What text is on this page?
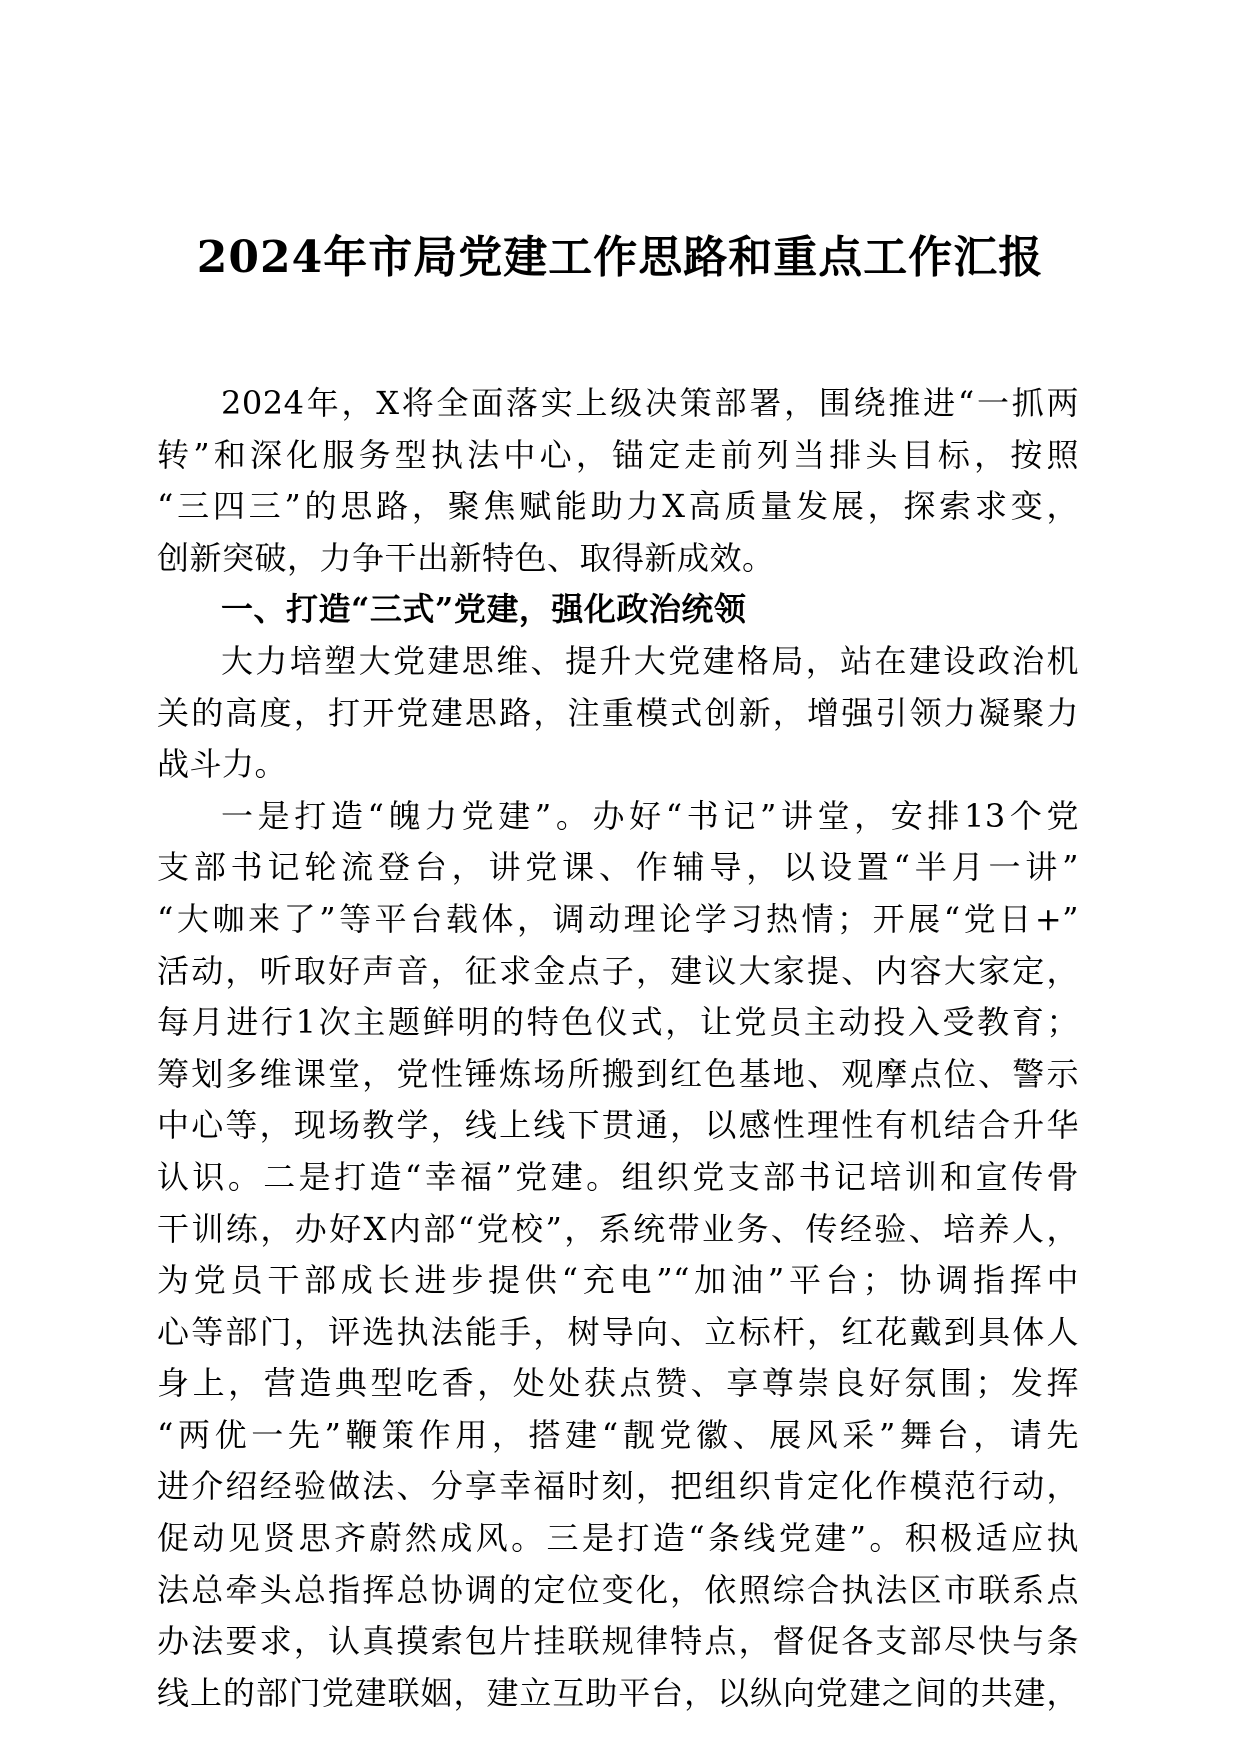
2024年市局党建工作思路和重点工作汇报
2024年，X将全面落实上级决策部署，围绕推进“一抓两
转”和深化服务型执法中心，锚定走前列当排头目标，按照
“三四三”的思路，聚焦赋能助力X高质量发展，探索求变，
创新突破，力争干出新特色、取得新成效。
一、打造“三式”党建，强化政治统领
大力培塑大党建思维、提升大党建格局，站在建设政治机
关的高度，打开党建思路，注重模式创新，增强引领力凝聚力
战斗力。
一是打造“魄力党建”。办好“书记”讲堂，安排13个党
支部书记轮流登台，讲党课、作辅导，以设置“半月一讲”
“大咖来了”等平台载体，调动理论学习热情；开展“党日+”
活动，听取好声音，征求金点子，建议大家提、内容大家定，
每月进行1次主题鲜明的特色仪式，让党员主动投入受教育；
筹划多维课堂，党性锤炼场所搬到红色基地、观摩点位、警示
中心等，现场教学，线上线下贯通，以感性理性有机结合升华
认识。二是打造“幸福”党建。组织党支部书记培训和宣传骨
干训练，办好X内部“党校”，系统带业务、传经验、培养人，
为党员干部成长进步提供“充电”“加油”平台；协调指挥中
心等部门，评选执法能手，树导向、立标杆，红花戴到具体人
身上，营造典型吃香，处处获点赞、享尊崇良好氛围；发挥
“两优一先”鞭策作用，搭建“靓党徽、展风采”舞台，请先
进介绍经验做法、分享幸福时刻，把组织肯定化作模范行动，
促动见贤思齐蔚然成风。三是打造“条线党建”。积极适应执
法总牵头总指挥总协调的定位变化，依照综合执法区市联系点
办法要求，认真摸索包片挂联规律特点，督促各支部尽快与条
线上的部门党建联姻，建立互助平台，以纵向党建之间的共建，
